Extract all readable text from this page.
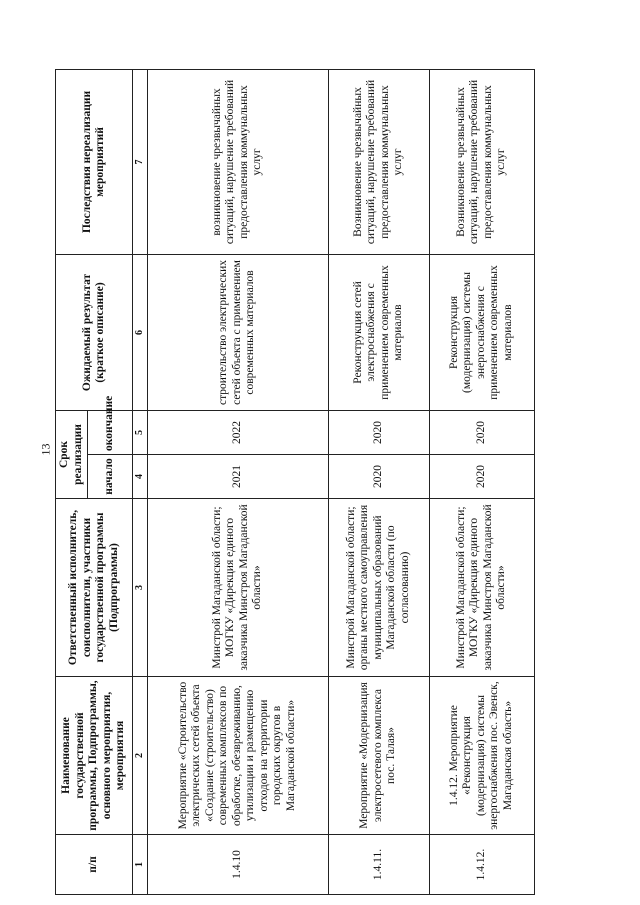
13
п/п	Наименование государственной программы, Подпрограммы, основного мероприятия, мероприятия	Ответственный исполнитель, соисполнители, участники государственной программы (Подпрограммы)	Срок реализации		Ожидаемый результат (краткое описание)	Последствия нереализации мероприятий
			начало	окончание		
1	2	3	4	5	6	7
1.4.10	Мероприятие «Строительство электрических сетей объекта «Создание (строительство) современных комплексов по обработке, обезвреживанию, утилизации и размещению отходов на территории городских округов в Магаданской области»	Минстрой Магаданской области; МОГКУ «Дирекция единого заказчика Минстроя Магаданской области»	2021	2022	строительство электрических сетей объекта с применением современных материалов	возникновение чрезвычайных ситуаций, нарушение требований предоставления коммунальных услуг
1.4.11.	Мероприятие «Модернизация электросетевого комплекса пос. Талая»	Минстрой Магаданской области; органы местного самоуправления муниципальных образований Магаданской области (по согласованию)	2020	2020	Реконструкция сетей электроснабжения с применением современных материалов	Возникновение чрезвычайных ситуаций, нарушение требований предоставления коммунальных услуг
1.4.12.	1.4.12. Мероприятие «Реконструкция (модернизация) системы энергоснабжения пос. Эвенск, Магаданская область»	Минстрой Магаданской области; МОГКУ «Дирекция единого заказчика Минстроя Магаданской области»	2020	2020	Реконструкция (модернизация) системы энергоснабжения с применением современных материалов	Возникновение чрезвычайных ситуаций, нарушение требований предоставления коммунальных услуг
